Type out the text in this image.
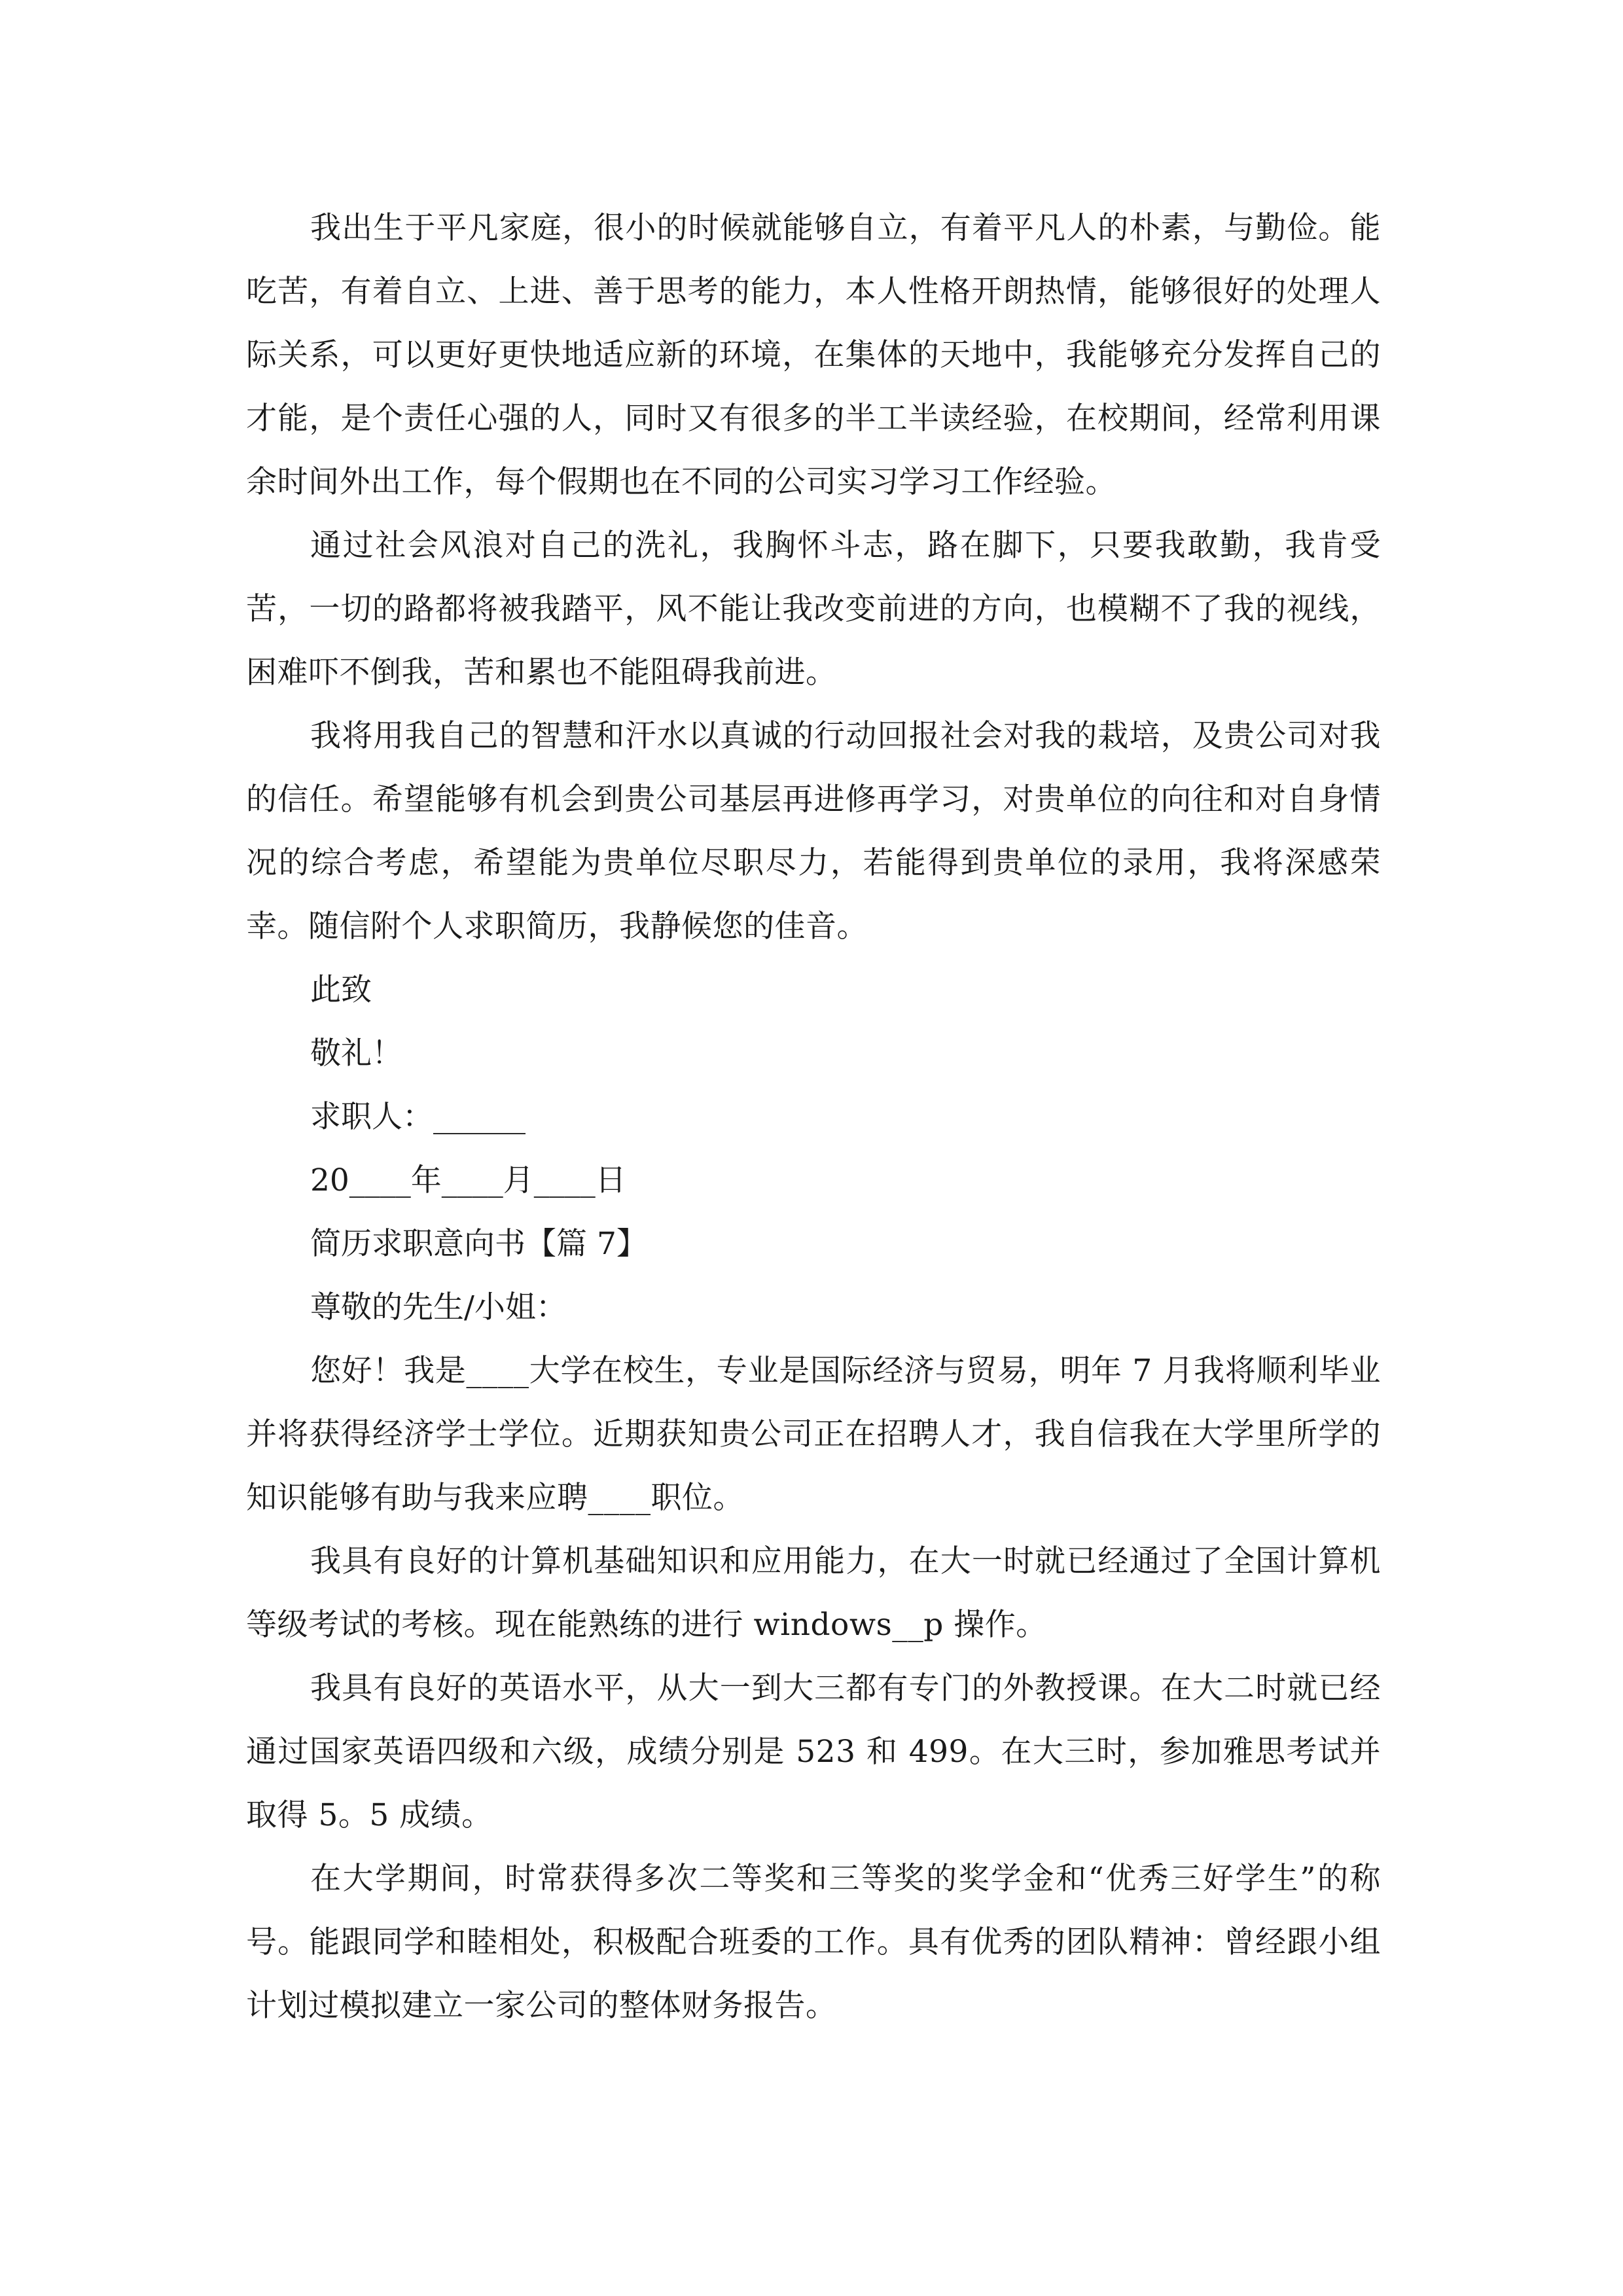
我出生于平凡家庭，很小的时候就能够自立，有着平凡人的朴素，与勤俭。能吃苦，有着自立、上进、善于思考的能力，本人性格开朗热情，能够很好的处理人际关系，可以更好更快地适应新的环境，在集体的天地中，我能够充分发挥自己的才能，是个责任心强的人，同时又有很多的半工半读经验，在校期间，经常利用课余时间外出工作，每个假期也在不同的公司实习学习工作经验。

通过社会风浪对自己的洗礼，我胸怀斗志，路在脚下，只要我敢勤，我肯受苦，一切的路都将被我踏平，风不能让我改变前进的方向，也模糊不了我的视线，困难吓不倒我，苦和累也不能阻碍我前进。

我将用我自己的智慧和汗水以真诚的行动回报社会对我的栽培，及贵公司对我的信任。希望能够有机会到贵公司基层再进修再学习，对贵单位的向往和对自身情况的综合考虑，希望能为贵单位尽职尽力，若能得到贵单位的录用，我将深感荣幸。随信附个人求职简历，我静候您的佳音。

此致

敬礼！

求职人：______

20____年____月____日

简历求职意向书【篇 7】

尊敬的先生/小姐：

您好！我是____大学在校生，专业是国际经济与贸易，明年 7 月我将顺利毕业并将获得经济学士学位。近期获知贵公司正在招聘人才，我自信我在大学里所学的知识能够有助与我来应聘____职位。

我具有良好的计算机基础知识和应用能力，在大一时就已经通过了全国计算机等级考试的考核。现在能熟练的进行 windows__p 操作。

我具有良好的英语水平，从大一到大三都有专门的外教授课。在大二时就已经通过国家英语四级和六级，成绩分别是 523 和 499。在大三时，参加雅思考试并取得 5。5 成绩。

在大学期间，时常获得多次二等奖和三等奖的奖学金和“优秀三好学生”的称号。能跟同学和睦相处，积极配合班委的工作。具有优秀的团队精神：曾经跟小组计划过模拟建立一家公司的整体财务报告。
